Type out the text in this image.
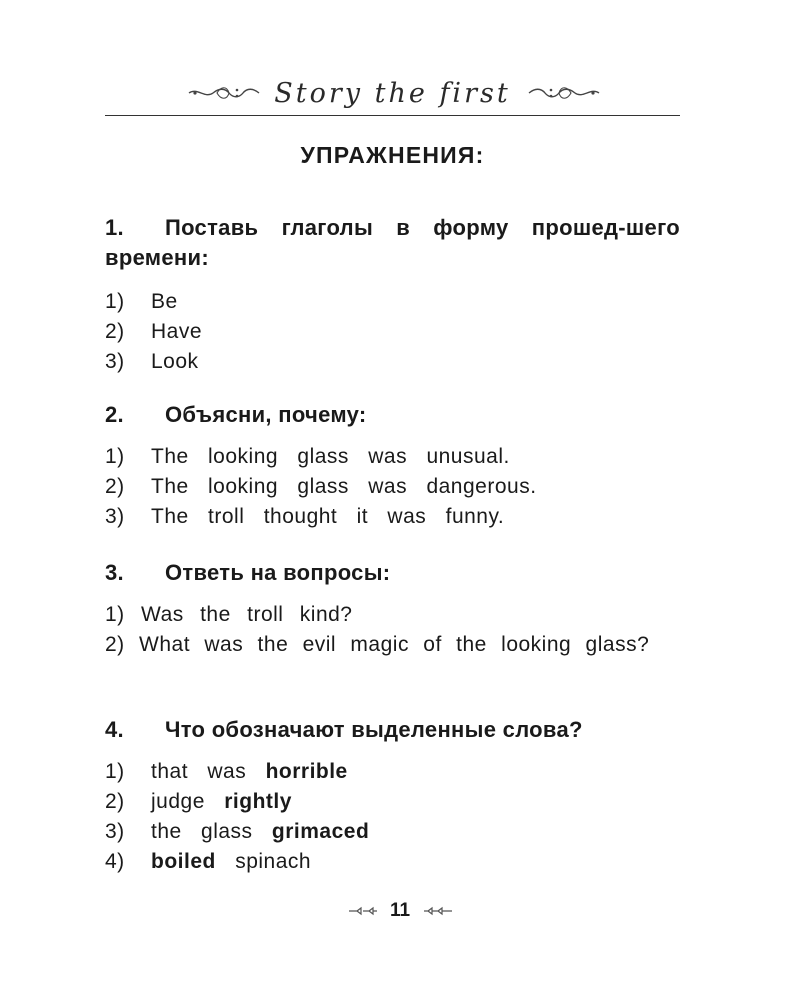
Story the first
УПРАЖНЕНИЯ:

1. Поставь глаголы в форму прошед-шего времени:

1) Be
2) Have
3) Look

2. Объясни, почему:

1) The looking glass was unusual.
2) The looking glass was dangerous.
3) The troll thought it was funny.

3. Ответь на вопросы:

1) Was the troll kind?
2) What was the evil magic of the looking glass?

4. Что обозначают выделенные слова?

1) that was horrible
2) judge rightly
3) the glass grimaced
4) boiled spinach
11
